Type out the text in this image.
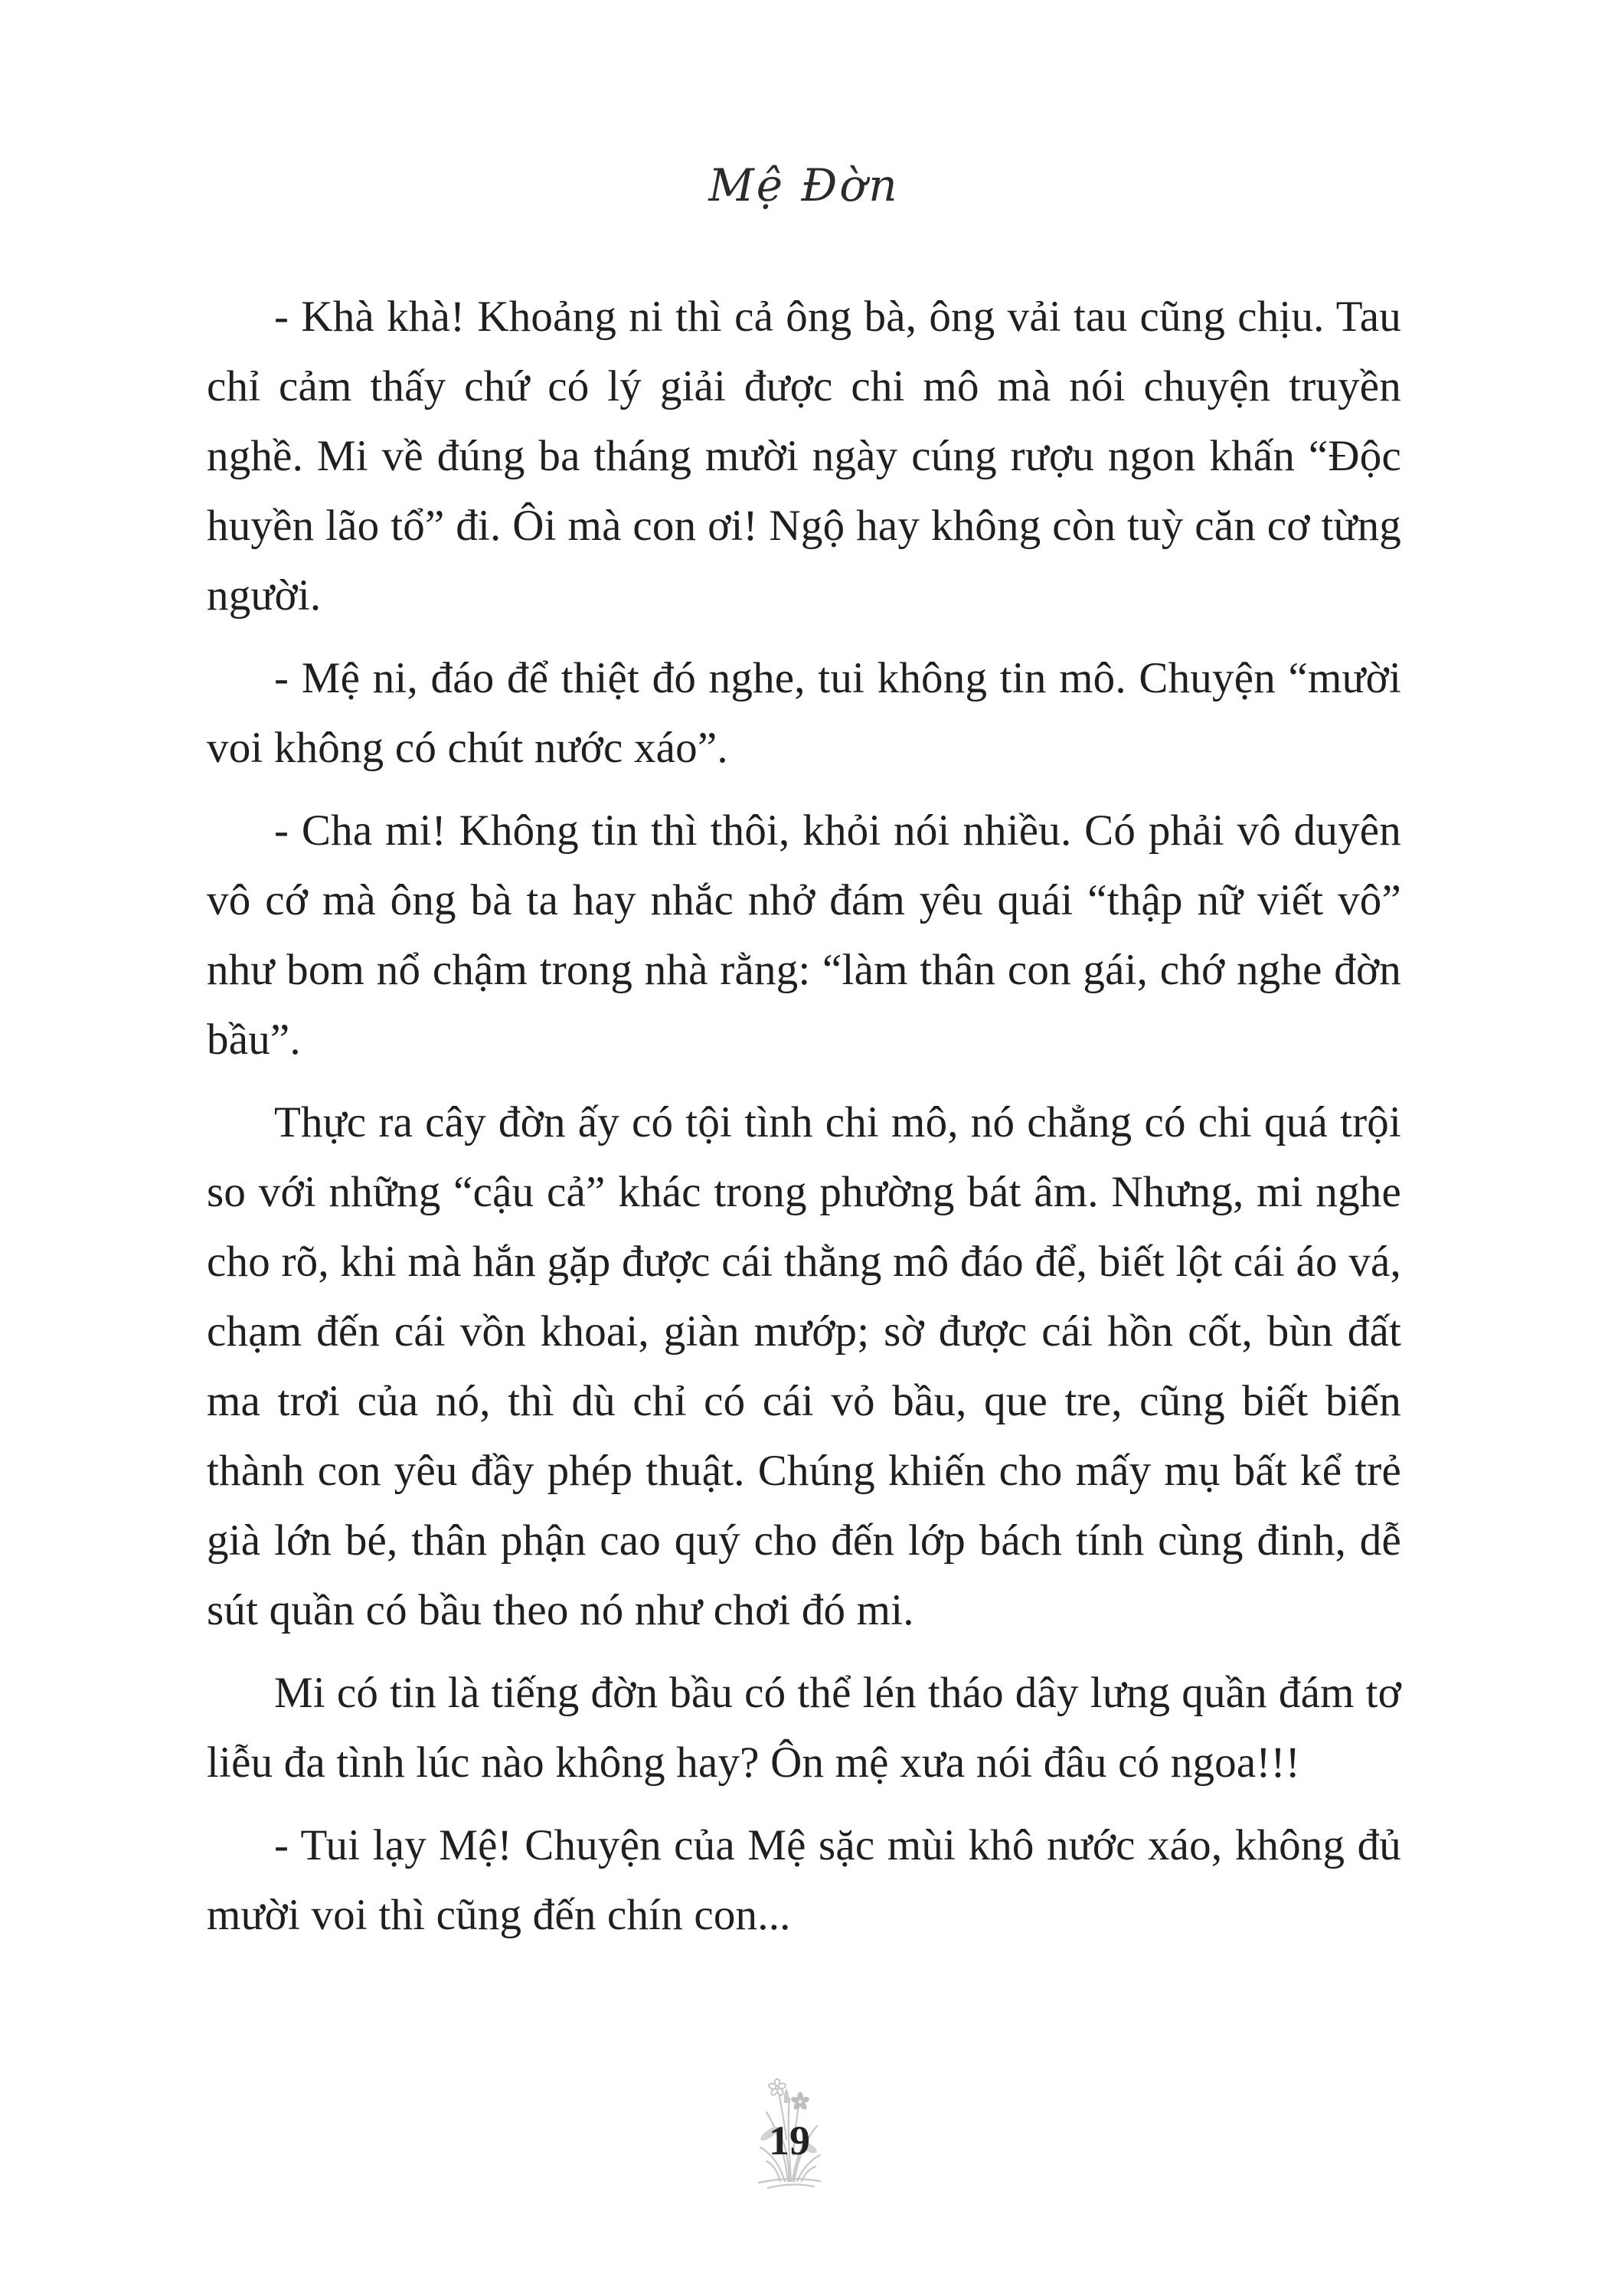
Mệ Đờn

- Khà khà! Khoảng ni thì cả ông bà, ông vải tau cũng chịu. Tau chỉ cảm thấy chứ có lý giải được chi mô mà nói chuyện truyền nghề. Mi về đúng ba tháng mười ngày cúng rượu ngon khấn “Độc huyền lão tổ” đi. Ôi mà con ơi! Ngộ hay không còn tuỳ căn cơ từng người.

- Mệ ni, đáo để thiệt đó nghe, tui không tin mô. Chuyện “mười voi không có chút nước xáo”.

- Cha mi! Không tin thì thôi, khỏi nói nhiều. Có phải vô duyên vô cớ mà ông bà ta hay nhắc nhở đám yêu quái “thập nữ viết vô” như bom nổ chậm trong nhà rằng: “làm thân con gái, chớ nghe đờn bầu”.

Thực ra cây đờn ấy có tội tình chi mô, nó chẳng có chi quá trội so với những “cậu cả” khác trong phường bát âm. Nhưng, mi nghe cho rõ, khi mà hắn gặp được cái thằng mô đáo để, biết lột cái áo vá, chạm đến cái vồn khoai, giàn mướp; sờ được cái hồn cốt, bùn đất ma trơi của nó, thì dù chỉ có cái vỏ bầu, que tre, cũng biết biến thành con yêu đầy phép thuật. Chúng khiến cho mấy mụ bất kể trẻ già lớn bé, thân phận cao quý cho đến lớp bách tính cùng đinh, dễ sút quần có bầu theo nó như chơi đó mi.

Mi có tin là tiếng đờn bầu có thể lén tháo dây lưng quần đám tơ liễu đa tình lúc nào không hay? Ôn mệ xưa nói đâu có ngoa!!!

- Tui lạy Mệ! Chuyện của Mệ sặc mùi khô nước xáo, không đủ mười voi thì cũng đến chín con...

19
